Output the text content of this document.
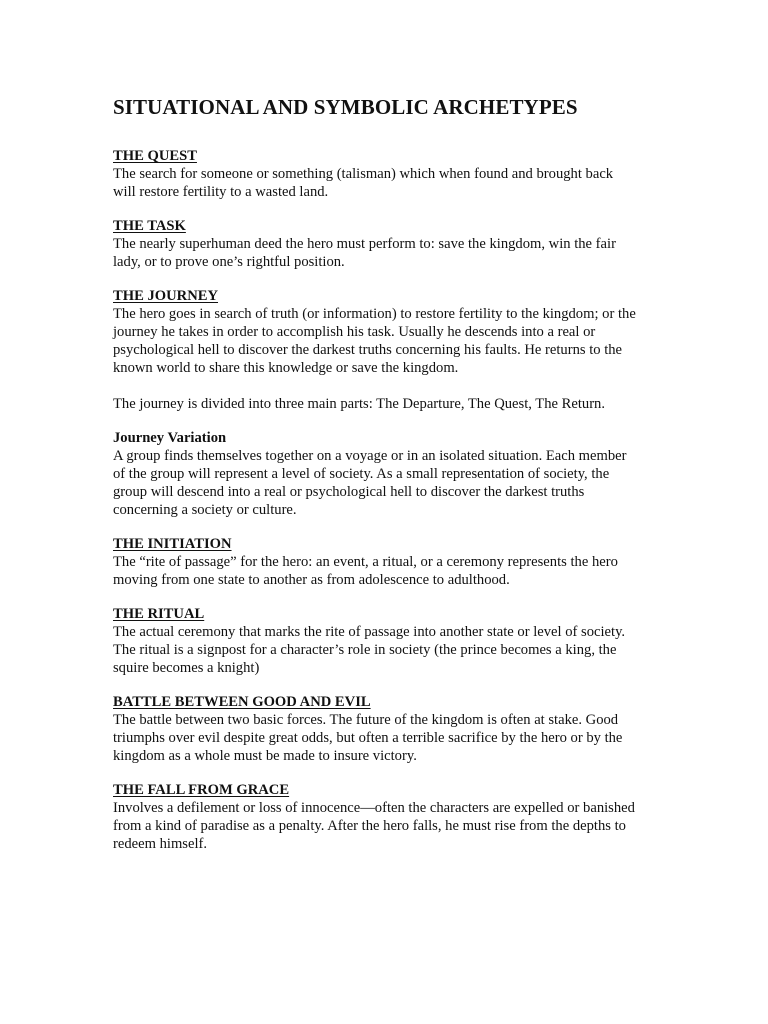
SITUATIONAL AND SYMBOLIC ARCHETYPES

THE QUEST

The search for someone or something (talisman) which when found and brought back
will restore fertility to a wasted land.

THE TASK

The nearly superhuman deed the hero must perform to: save the kingdom, win the fair
lady, or to prove one’s rightful position.

THE JOURNEY

The hero goes in search of truth (or information) to restore fertility to the kingdom; or the
journey he takes in order to accomplish his task. Usually he descends into a real or
psychological hell to discover the darkest truths concerning his faults. He returns to the
known world to share this knowledge or save the kingdom.

The journey is divided into three main parts: The Departure, The Quest, The Return.

Journey Variation

A group finds themselves together on a voyage or in an isolated situation. Each member
of the group will represent a level of society. As a small representation of society, the
group will descend into a real or psychological hell to discover the darkest truths
concerning a society or culture.

THE INITIATION

The “rite of passage” for the hero: an event, a ritual, or a ceremony represents the hero
moving from one state to another as from adolescence to adulthood.

THE RITUAL

The actual ceremony that marks the rite of passage into another state or level of society.
The ritual is a signpost for a character’s role in society (the prince becomes a king, the
squire becomes a knight)

BATTLE BETWEEN GOOD AND EVIL

The battle between two basic forces. The future of the kingdom is often at stake. Good
triumphs over evil despite great odds, but often a terrible sacrifice by the hero or by the
kingdom as a whole must be made to insure victory.

THE FALL FROM GRACE

Involves a defilement or loss of innocence—often the characters are expelled or banished
from a kind of paradise as a penalty. After the hero falls, he must rise from the depths to
redeem himself.
